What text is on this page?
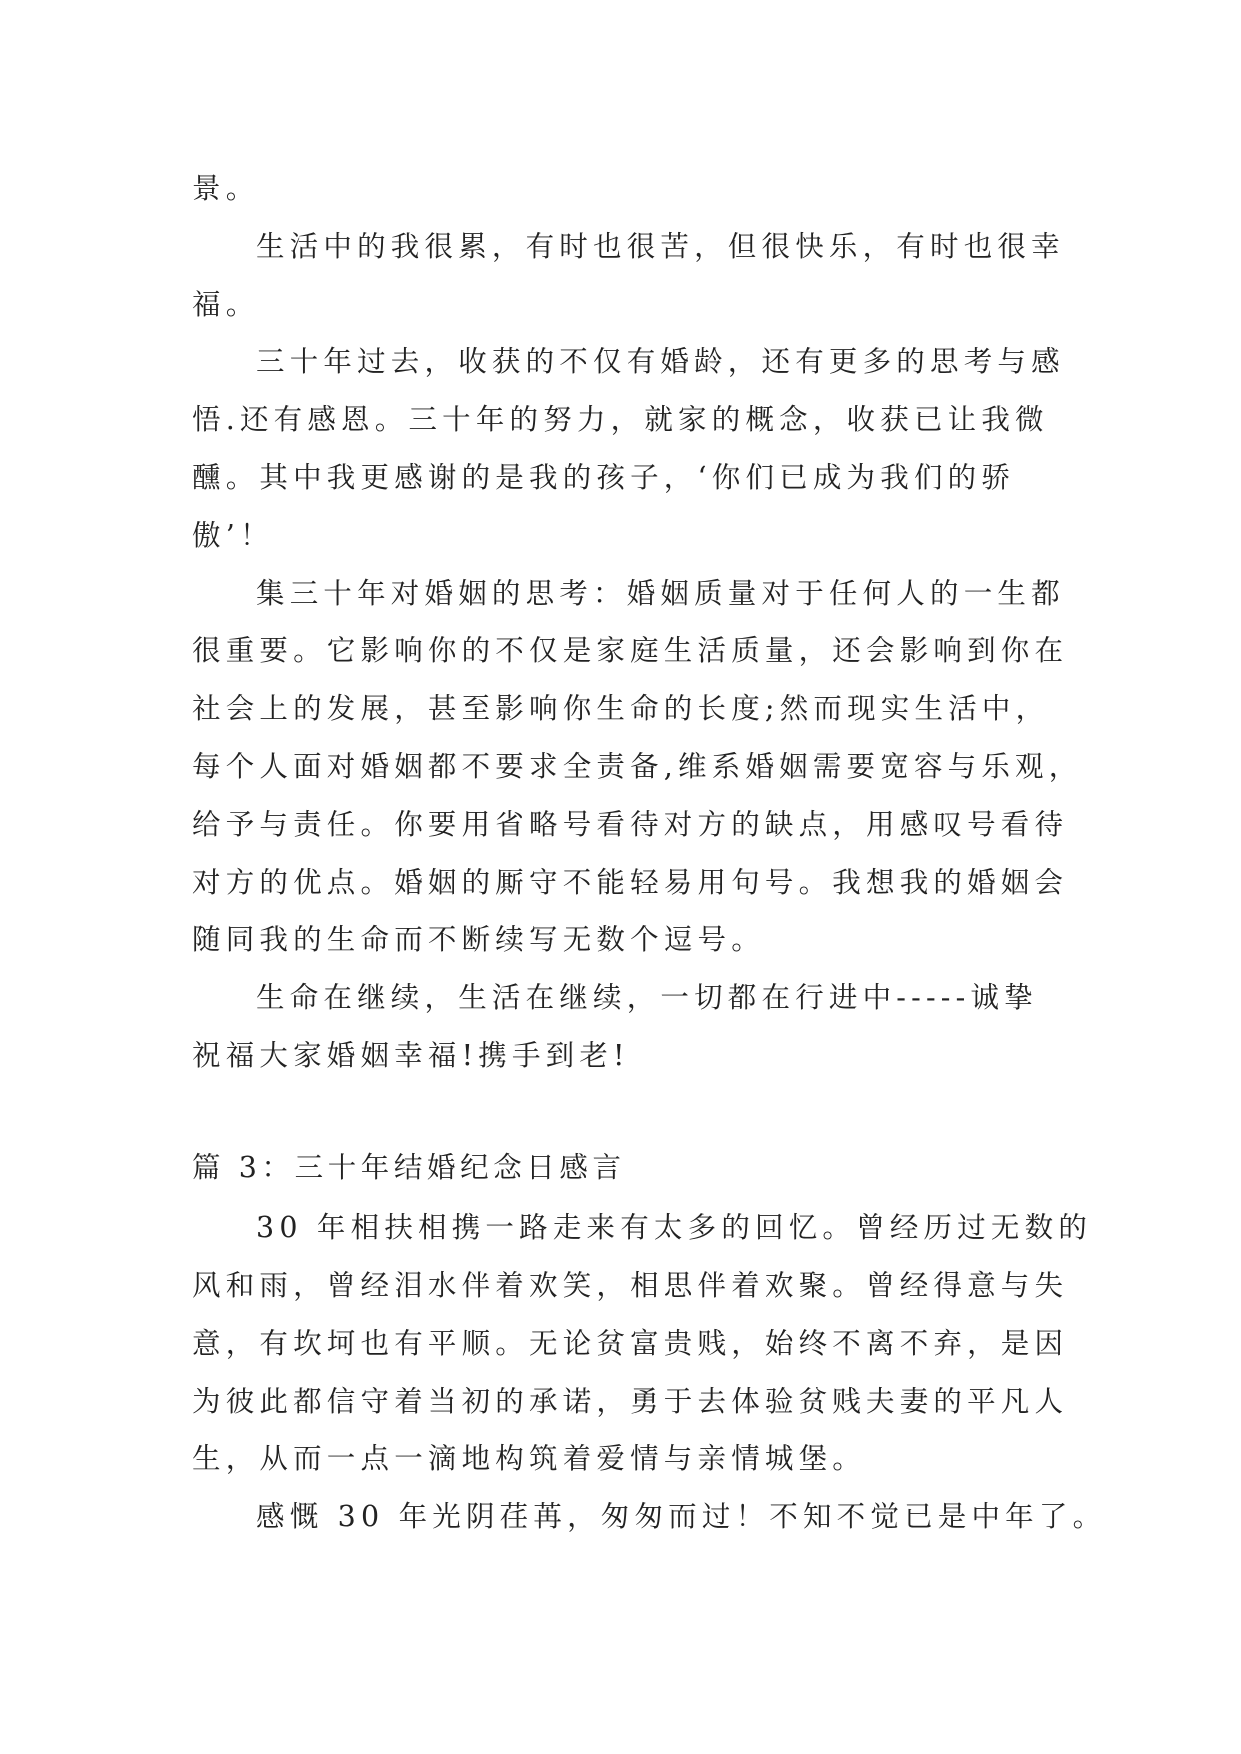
景。

生活中的我很累，有时也很苦，但很快乐，有时也很幸

福。

三十年过去，收获的不仅有婚龄，还有更多的思考与感

悟.还有感恩。三十年的努力，就家的概念，收获已让我微

醺。其中我更感谢的是我的孩子，‘你们已成为我们的骄

傲’！

集三十年对婚姻的思考：婚姻质量对于任何人的一生都

很重要。它影响你的不仅是家庭生活质量，还会影响到你在

社会上的发展，甚至影响你生命的长度;然而现实生活中，

每个人面对婚姻都不要求全责备,维系婚姻需要宽容与乐观，

给予与责任。你要用省略号看待对方的缺点，用感叹号看待

对方的优点。婚姻的厮守不能轻易用句号。我想我的婚姻会

随同我的生命而不断续写无数个逗号。

生命在继续，生活在继续，一切都在行进中-----诚挚

祝福大家婚姻幸福!携手到老!

篇 3：三十年结婚纪念日感言

30 年相扶相携一路走来有太多的回忆。曾经历过无数的

风和雨，曾经泪水伴着欢笑，相思伴着欢聚。曾经得意与失

意，有坎坷也有平顺。无论贫富贵贱，始终不离不弃，是因

为彼此都信守着当初的承诺，勇于去体验贫贱夫妻的平凡人

生，从而一点一滴地构筑着爱情与亲情城堡。

感慨 30 年光阴荏苒，匆匆而过！不知不觉已是中年了。
